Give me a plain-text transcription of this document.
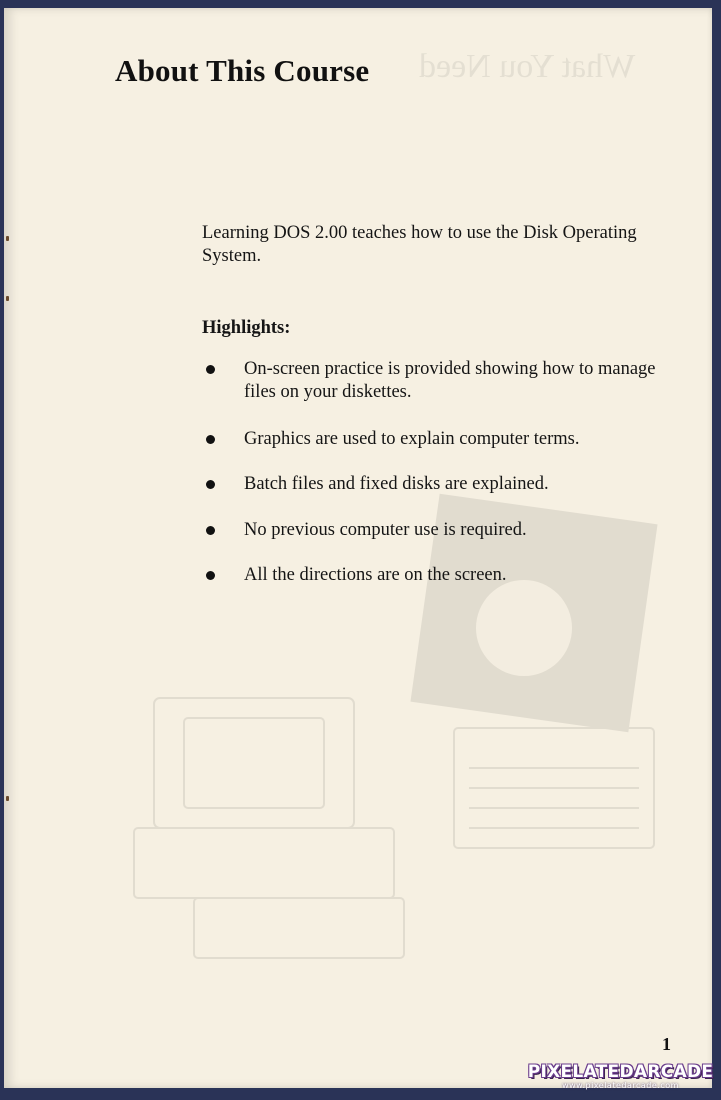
What You Need
About This Course

Learning DOS 2.00 teaches how to use the Disk Operating System.

Highlights:
On-screen practice is provided showing how to manage files on your diskettes.
Graphics are used to explain computer terms.
Batch files and fixed disks are explained.
No previous computer use is required.
All the directions are on the screen.
1
PIXELATEDARCADE
www.pixelatedarcade.com
